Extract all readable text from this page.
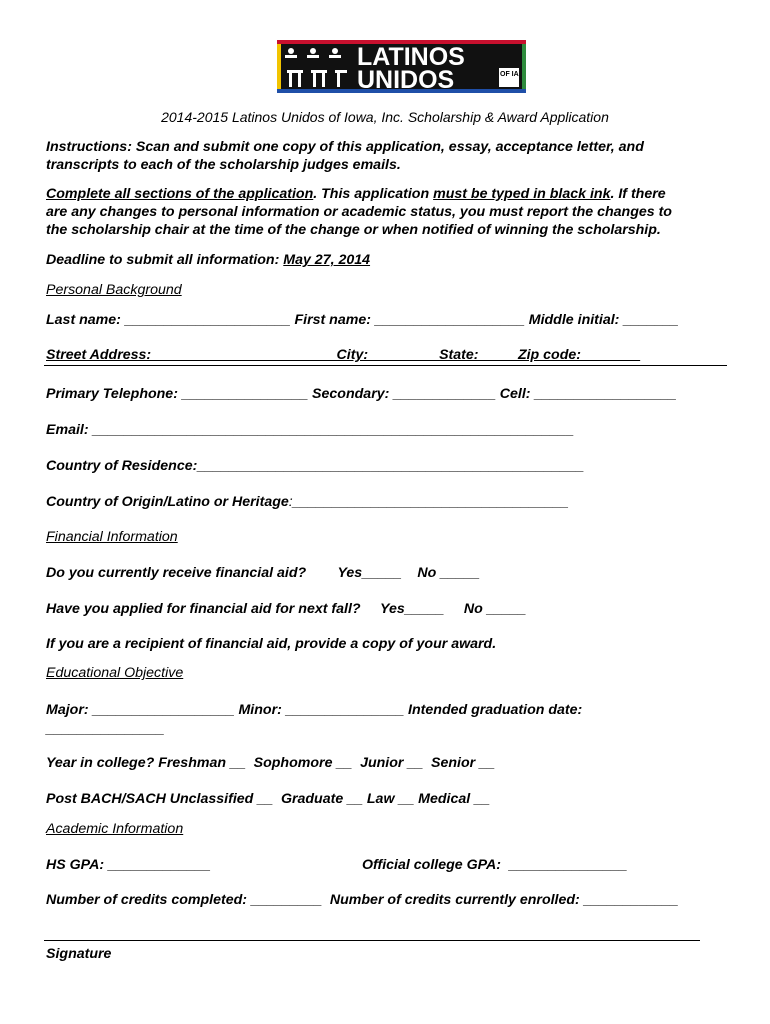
LATINOS
UNIDOS	OF IA
2014-2015 Latinos Unidos of Iowa, Inc. Scholarship & Award Application
Instructions: Scan and submit one copy of this application, essay, acceptance letter, and
transcripts to each of the scholarship judges emails.
Complete all sections of the application. This application must be typed in black ink. If there
are any changes to personal information or academic status, you must report the changes to
the scholarship chair at the time of the change or when notified of winning the scholarship.
Deadline to submit all information: May 27, 2014
Personal Background
Last name: _____________________ First name: ___________________ Middle initial: _______
Street Address: _______________________City: ________ State: ____ Zip code: _______
Primary Telephone: ________________ Secondary: _____________ Cell: __________________
Email: _____________________________________________________________
Country of Residence:_________________________________________________
Country of Origin/Latino or Heritage:___________________________________
Financial Information
Do you currently receive financial aid?        Yes_____    No _____
Have you applied for financial aid for next fall?     Yes_____     No _____
If you are a recipient of financial aid, provide a copy of your award.
Educational Objective
Major: __________________ Minor: _______________ Intended graduation date:
_______________
Year in college? Freshman __  Sophomore __  Junior __  Senior __
Post BACH/SACH Unclassified __  Graduate __ Law __ Medical __
Academic Information
HS GPA: _____________	Official college GPA:  _______________
Number of credits completed: _________  Number of credits currently enrolled: ____________
Signature
